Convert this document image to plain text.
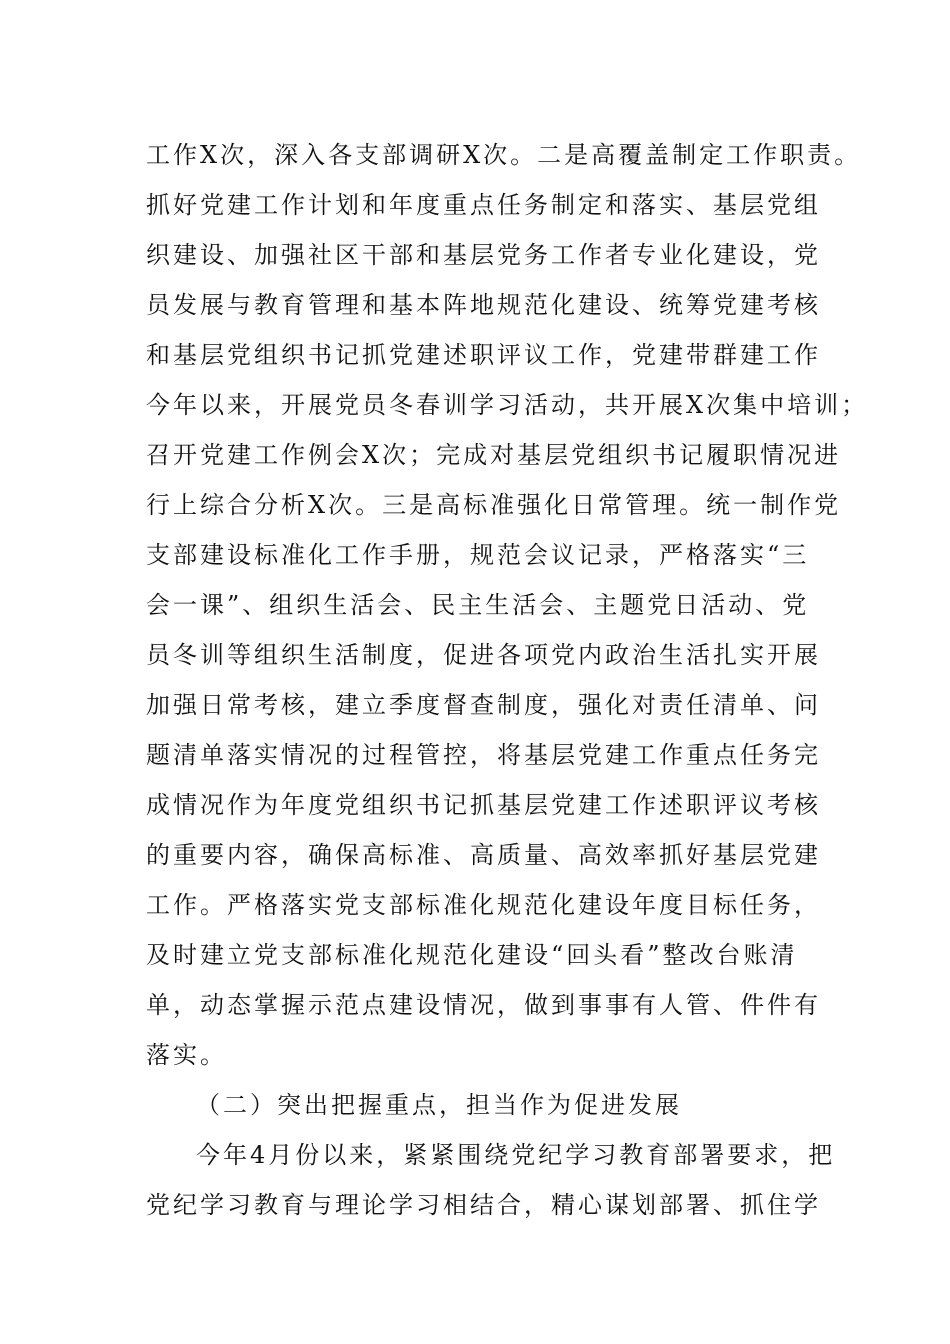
工作X次，深入各支部调研X次。二是高覆盖制定工作职责。
抓好党建工作计划和年度重点任务制定和落实、基层党组
织建设、加强社区干部和基层党务工作者专业化建设，党
员发展与教育管理和基本阵地规范化建设、统筹党建考核
和基层党组织书记抓党建述职评议工作，党建带群建工作
今年以来，开展党员冬春训学习活动，共开展X次集中培训；
召开党建工作例会X次；完成对基层党组织书记履职情况进
行上综合分析X次。三是高标准强化日常管理。统一制作党
支部建设标准化工作手册，规范会议记录，严格落实“三
会一课”、组织生活会、民主生活会、主题党日活动、党
员冬训等组织生活制度，促进各项党内政治生活扎实开展
加强日常考核，建立季度督查制度，强化对责任清单、问
题清单落实情况的过程管控，将基层党建工作重点任务完
成情况作为年度党组织书记抓基层党建工作述职评议考核
的重要内容，确保高标准、高质量、高效率抓好基层党建
工作。严格落实党支部标准化规范化建设年度目标任务，
及时建立党支部标准化规范化建设“回头看”整改台账清
单，动态掌握示范点建设情况，做到事事有人管、件件有
落实。
（二）突出把握重点，担当作为促进发展
今年4月份以来，紧紧围绕党纪学习教育部署要求，把
党纪学习教育与理论学习相结合，精心谋划部署、抓住学
